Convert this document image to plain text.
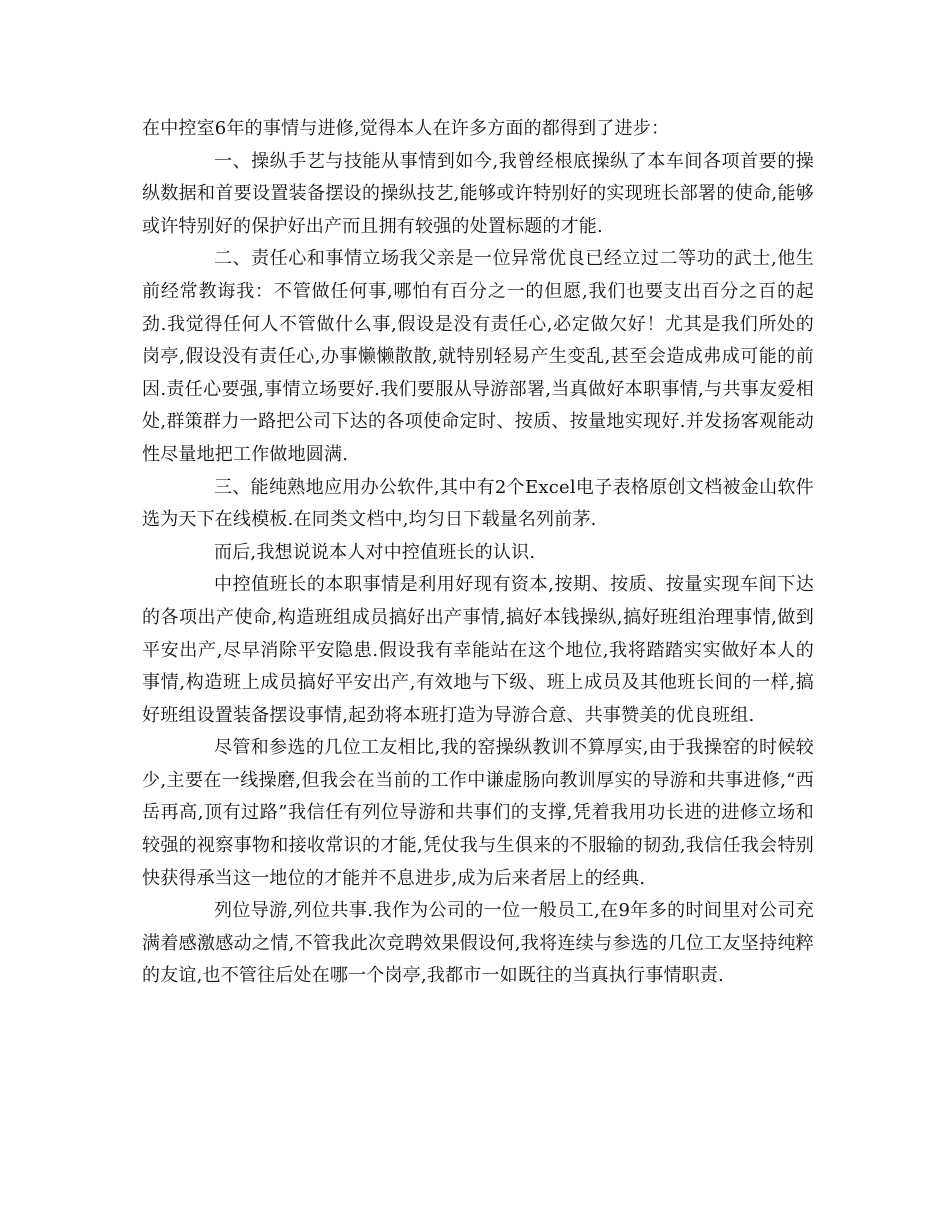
在中控室6年的事情与进修,觉得本人在许多方面的都得到了进步：

一、操纵手艺与技能从事情到如今,我曾经根底操纵了本车间各项首要的操纵数据和首要设置装备摆设的操纵技艺,能够或许特别好的实现班长部署的使命,能够或许特别好的保护好出产而且拥有较强的处置标题的才能.

二、责任心和事情立场我父亲是一位异常优良已经立过二等功的武士,他生前经常教诲我：不管做任何事,哪怕有百分之一的但愿,我们也要支出百分之百的起劲.我觉得任何人不管做什么事,假设是没有责任心,必定做欠好！尤其是我们所处的岗亭,假设没有责任心,办事懒懒散散,就特别轻易产生变乱,甚至会造成弗成可能的前因.责任心要强,事情立场要好.我们要服从导游部署,当真做好本职事情,与共事友爱相处,群策群力一路把公司下达的各项使命定时、按质、按量地实现好.并发扬客观能动性尽量地把工作做地圆满.

三、能纯熟地应用办公软件,其中有2个Excel电子表格原创文档被金山软件选为天下在线模板.在同类文档中,均匀日下载量名列前茅.

而后,我想说说本人对中控值班长的认识.

中控值班长的本职事情是利用好现有资本,按期、按质、按量实现车间下达的各项出产使命,构造班组成员搞好出产事情,搞好本钱操纵,搞好班组治理事情,做到平安出产,尽早消除平安隐患.假设我有幸能站在这个地位,我将踏踏实实做好本人的事情,构造班上成员搞好平安出产,有效地与下级、班上成员及其他班长间的一样,搞好班组设置装备摆设事情,起劲将本班打造为导游合意、共事赞美的优良班组.

尽管和参选的几位工友相比,我的窑操纵教训不算厚实,由于我操窑的时候较少,主要在一线操磨,但我会在当前的工作中谦虚肠向教训厚实的导游和共事进修,“西岳再高,顶有过路”我信任有列位导游和共事们的支撑,凭着我用功长进的进修立场和较强的视察事物和接收常识的才能,凭仗我与生俱来的不服输的韧劲,我信任我会特别快获得承当这一地位的才能并不息进步,成为后来者居上的经典.

列位导游,列位共事.我作为公司的一位一般员工,在9年多的时间里对公司充满着感激感动之情,不管我此次竞聘效果假设何,我将连续与参选的几位工友坚持纯粹的友谊,也不管往后处在哪一个岗亭,我都市一如既往的当真执行事情职责.
